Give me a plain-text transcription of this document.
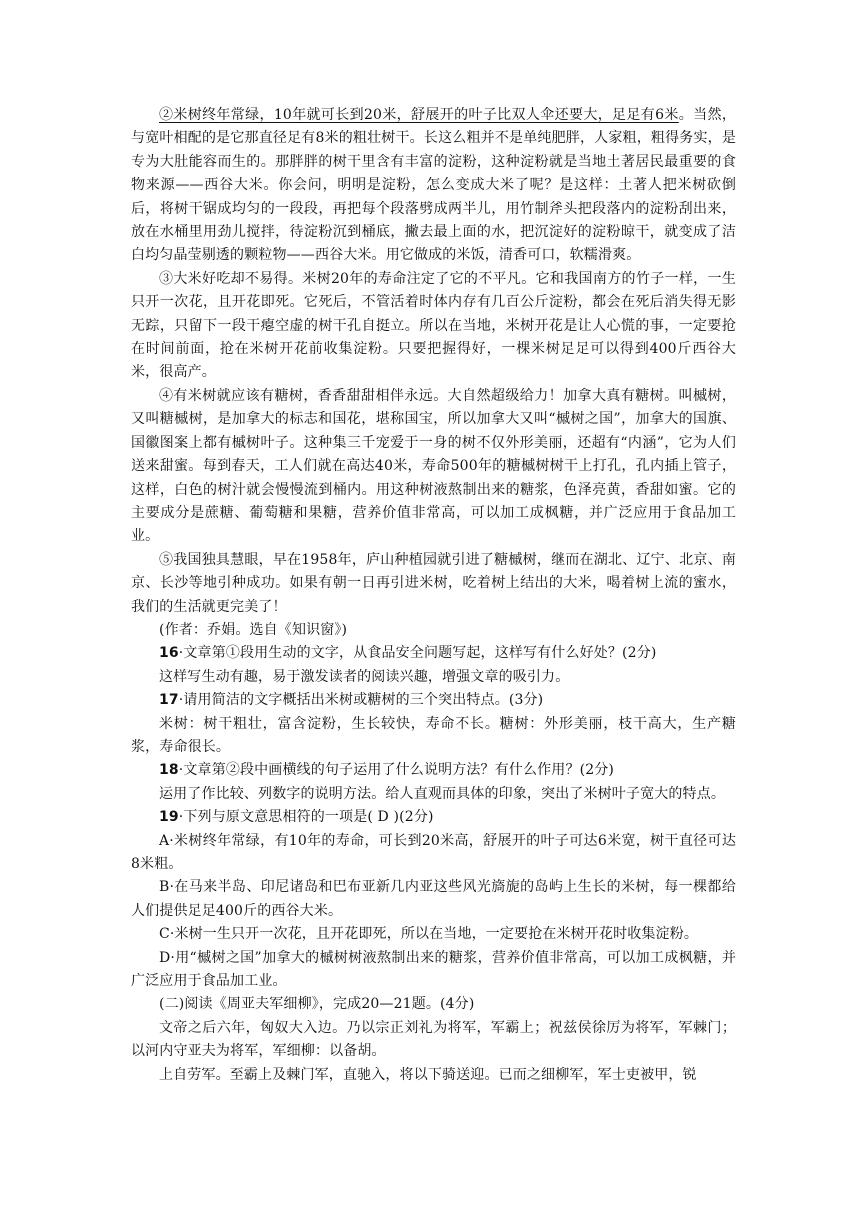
②米树终年常绿，10年就可长到20米，舒展开的叶子比双人伞还要大，足足有6米。当然，与宽叶相配的是它那直径足有8米的粗壮树干。长这么粗并不是单纯肥胖，人家粗，粗得务实，是专为大肚能容而生的。那胖胖的树干里含有丰富的淀粉，这种淀粉就是当地土著居民最重要的食物来源——西谷大米。你会问，明明是淀粉，怎么变成大米了呢？是这样：土著人把米树砍倒后，将树干锯成均匀的一段段，再把每个段落劈成两半儿，用竹制斧头把段落内的淀粉刮出来，放在水桶里用劲儿搅拌，待淀粉沉到桶底，撇去最上面的水，把沉淀好的淀粉晾干，就变成了洁白均匀晶莹剔透的颗粒物——西谷大米。用它做成的米饭，清香可口，软糯滑爽。

③大米好吃却不易得。米树20年的寿命注定了它的不平凡。它和我国南方的竹子一样，一生只开一次花，且开花即死。它死后，不管活着时体内存有几百公斤淀粉，都会在死后消失得无影无踪，只留下一段干瘪空虚的树干孔自挺立。所以在当地，米树开花是让人心慌的事，一定要抢在时间前面，抢在米树开花前收集淀粉。只要把握得好，一棵米树足足可以得到400斤西谷大米，很高产。

④有米树就应该有糖树，香香甜甜相伴永远。大自然超级给力！加拿大真有糖树。叫槭树，又叫糖槭树，是加拿大的标志和国花，堪称国宝，所以加拿大又叫“槭树之国”，加拿大的国旗、国徽图案上都有槭树叶子。这种集三千宠爱于一身的树不仅外形美丽，还超有“内涵”，它为人们送来甜蜜。每到春天，工人们就在高达40米，寿命500年的糖槭树树干上打孔，孔内插上管子，这样，白色的树汁就会慢慢流到桶内。用这种树液熬制出来的糖浆，色泽亮黄，香甜如蜜。它的主要成分是蔗糖、葡萄糖和果糖，营养价值非常高，可以加工成枫糖，并广泛应用于食品加工业。

⑤我国独具慧眼，早在1958年，庐山种植园就引进了糖槭树，继而在湖北、辽宁、北京、南京、长沙等地引种成功。如果有朝一日再引进米树，吃着树上结出的大米，喝着树上流的蜜水，我们的生活就更完美了！

(作者：乔娟。选自《知识窗》)

16·文章第①段用生动的文字，从食品安全问题写起，这样写有什么好处？(2分)

这样写生动有趣，易于激发读者的阅读兴趣，增强文章的吸引力。

17·请用简洁的文字概括出米树或糖树的三个突出特点。(3分)

米树：树干粗壮，富含淀粉，生长较快，寿命不长。糖树：外形美丽，枝干高大，生产糖浆，寿命很长。

18·文章第②段中画横线的句子运用了什么说明方法？有什么作用？(2分)

运用了作比较、列数字的说明方法。给人直观而具体的印象，突出了米树叶子宽大的特点。

19·下列与原文意思相符的一项是( D )(2分)

A·米树终年常绿，有10年的寿命，可长到20米高，舒展开的叶子可达6米宽，树干直径可达8米粗。

B·在马来半岛、印尼诸岛和巴布亚新几内亚这些风光旖旎的岛屿上生长的米树，每一棵都给人们提供足足400斤的西谷大米。

C·米树一生只开一次花，且开花即死，所以在当地，一定要抢在米树开花时收集淀粉。

D·用“槭树之国”加拿大的槭树树液熬制出来的糖浆，营养价值非常高，可以加工成枫糖，并广泛应用于食品加工业。

(二)阅读《周亚夫军细柳》，完成20—21题。(4分)

文帝之后六年，匈奴大入边。乃以宗正刘礼为将军，军霸上；祝兹侯徐厉为将军，军棘门；以河内守亚夫为将军，军细柳：以备胡。

上自劳军。至霸上及棘门军，直驰入，将以下骑送迎。已而之细柳军，军士吏被甲，锐
